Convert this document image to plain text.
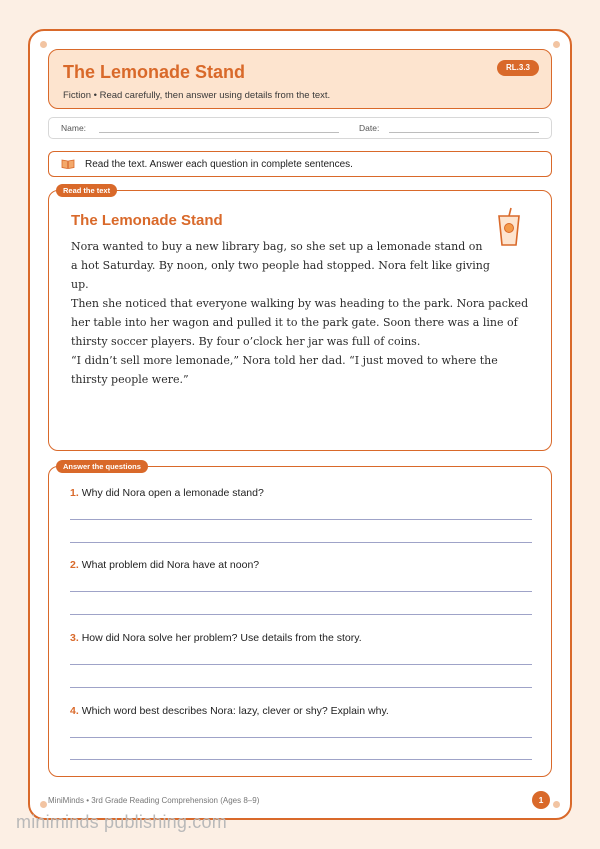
The Lemonade Stand
Fiction • Read carefully, then answer using details from the text.
RL.3.3
Name:	Date:
Read the text. Answer each question in complete sentences.
Read the text
The Lemonade Stand
Nora wanted to buy a new library bag, so she set up a lemonade stand on a hot Saturday. By noon, only two people had stopped. Nora felt like giving up.
Then she noticed that everyone walking by was heading to the park. Nora packed her table into her wagon and pulled it to the park gate. Soon there was a line of thirsty soccer players. By four o’clock her jar was full of coins.
“I didn’t sell more lemonade,” Nora told her dad. “I just moved to where the thirsty people were.”
Answer the questions
1. Why did Nora open a lemonade stand?
2. What problem did Nora have at noon?
3. How did Nora solve her problem? Use details from the story.
4. Which word best describes Nora: lazy, clever or shy? Explain why.
MiniMinds • 3rd Grade Reading Comprehension (Ages 8–9)	1
miniminds publishing.com
